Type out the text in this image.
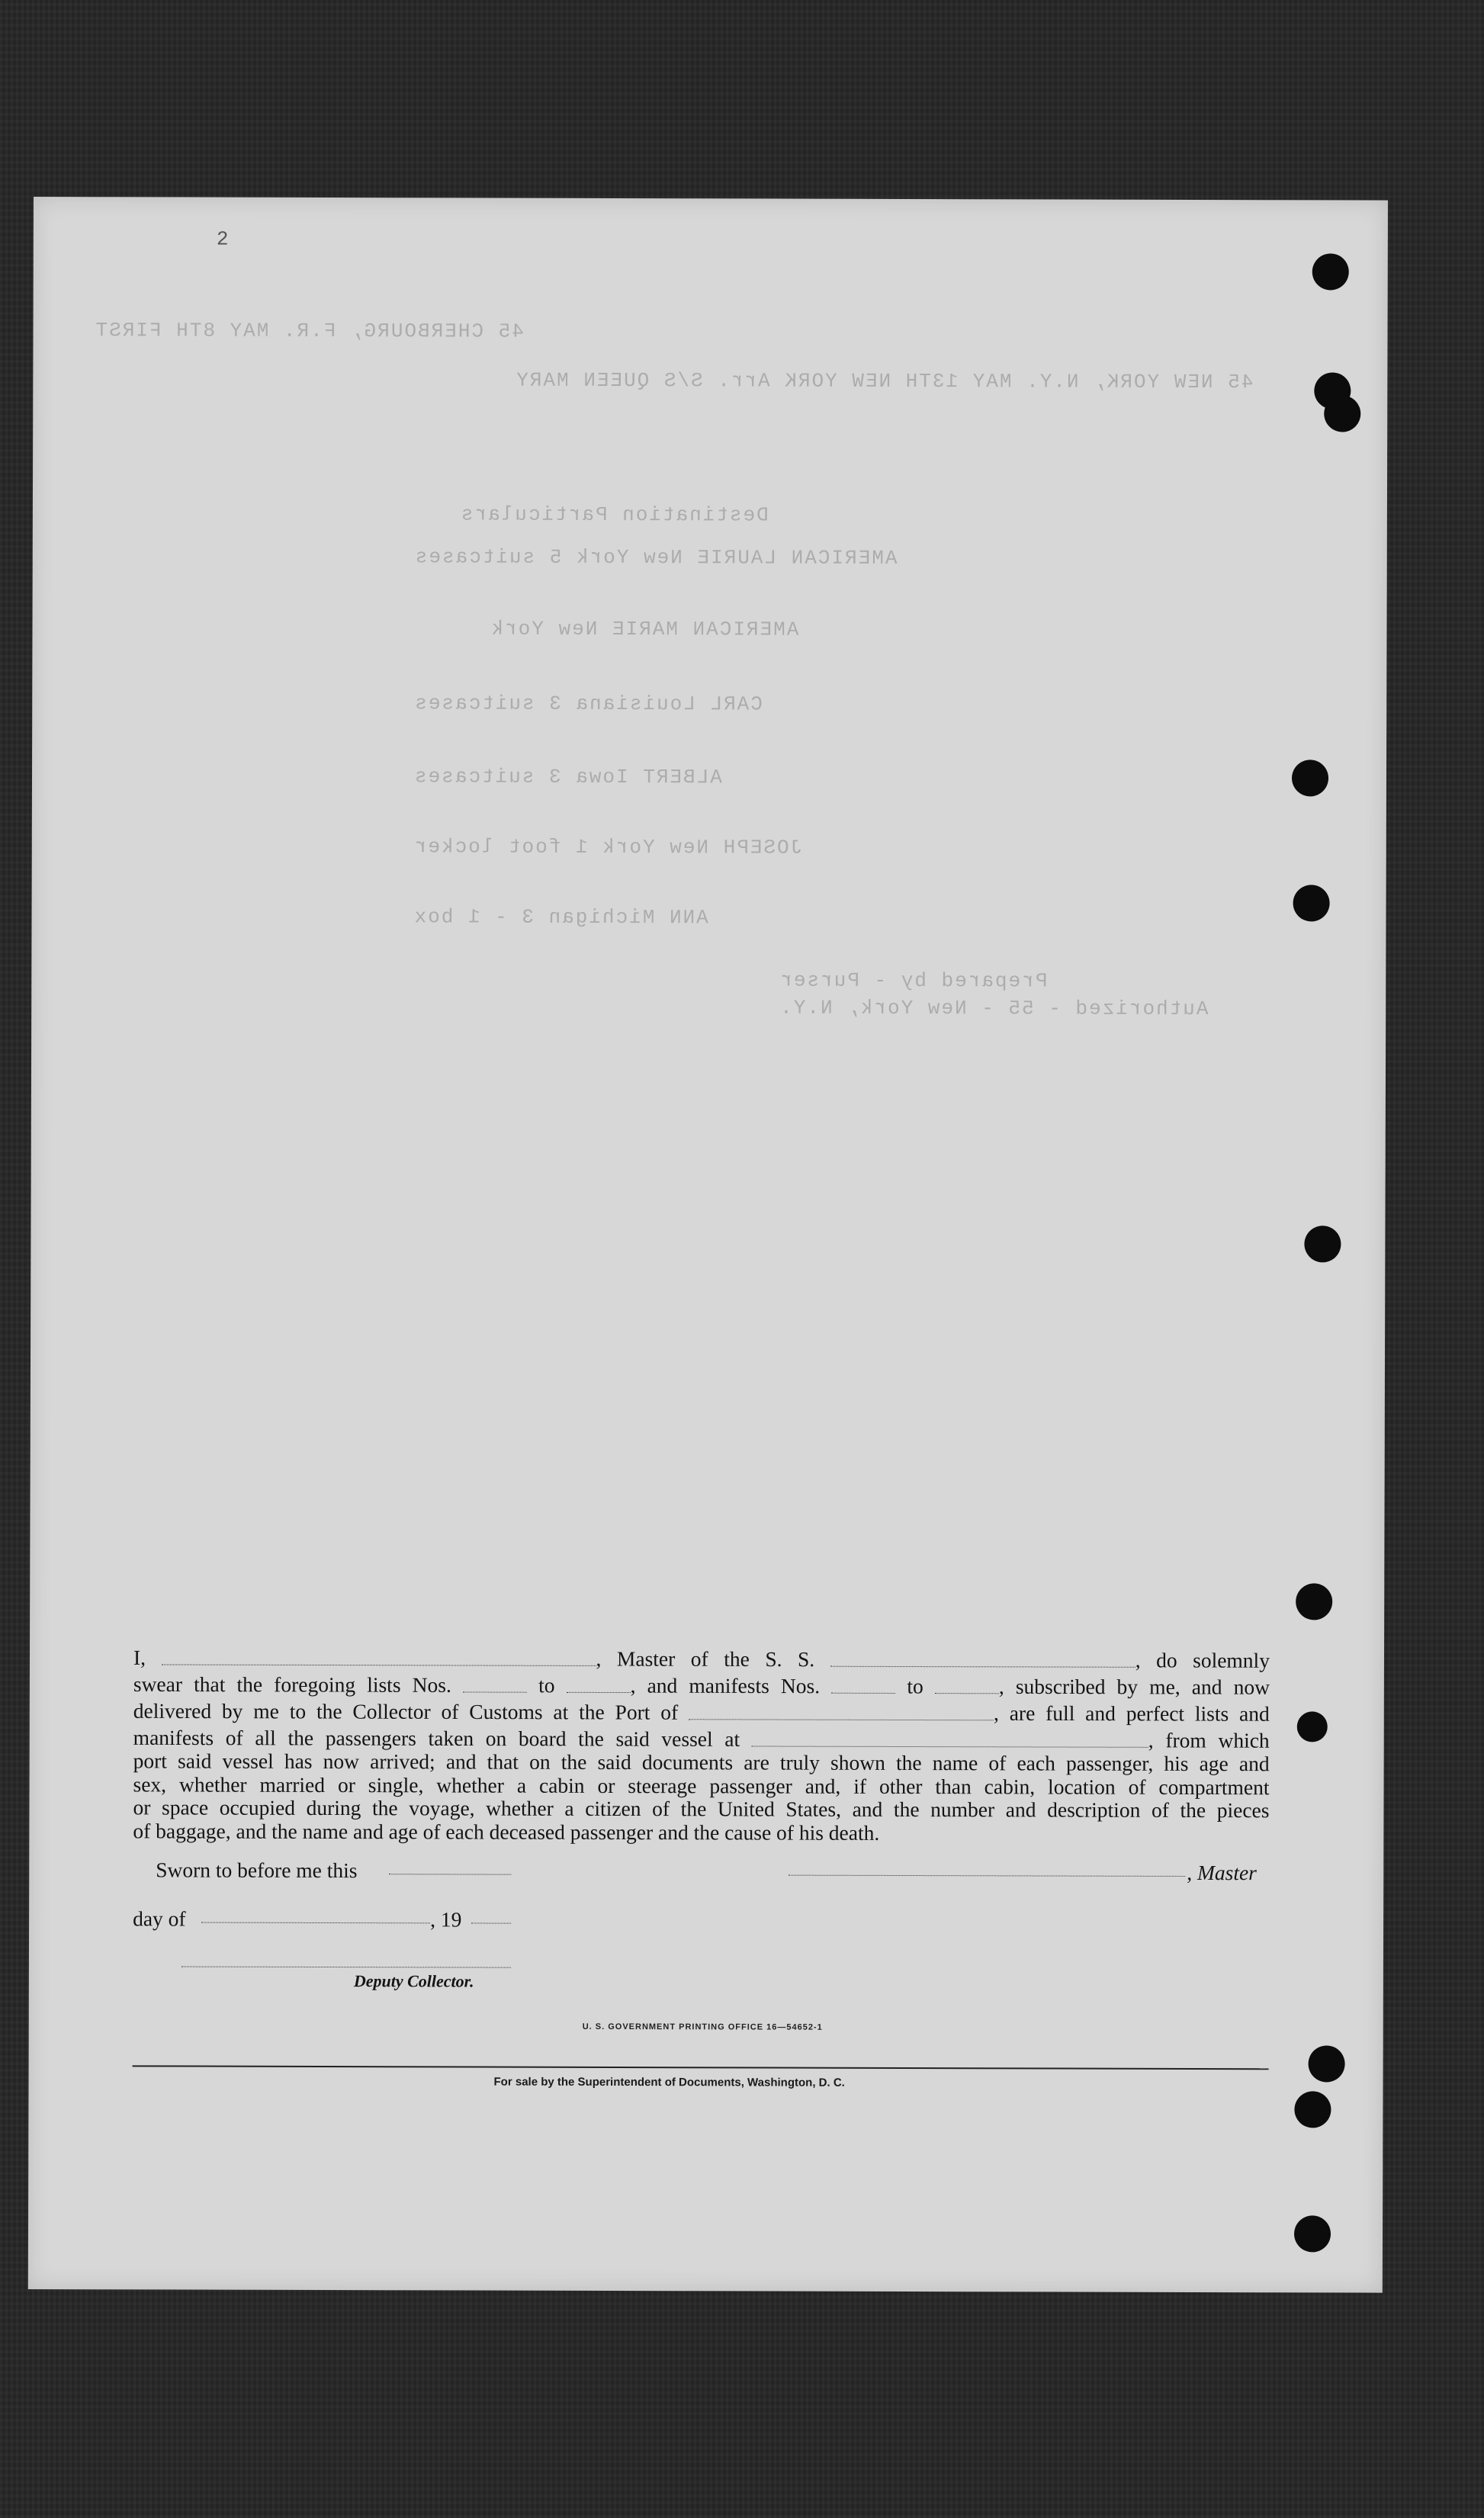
2
45 CHERBOURG, F.R. MAY 8TH FIRST
45 NEW YORK, N.Y. MAY 13TH NEW YORK Arr. S/S QUEEN MARY
Destination Particulars
AMERICAN LAURIE New York 5 suitcases
AMERICAN MARIE New York
CARL Louisiana 3 suitcases
ALBERT Iowa 3 suitcases
JOSEPH New York 1 foot locker
ANN Michigan 3 - 1 box
Prepared by - Purser
Authorized - 55 - New York, N.Y.
I,	, Master of the S. S.	, do solemnly
swear that the foregoing lists Nos.	to	, and manifests Nos.	to	, subscribed by me, and now
delivered by me to the Collector of Customs at the Port of	, are full and perfect lists and
manifests of all the passengers taken on board the said vessel at	, from which
port said vessel has now arrived; and that on the said documents are truly shown the name of each passenger, his age and
sex, whether married or single, whether a cabin or steerage passenger and, if other than cabin, location of compartment
or space occupied during the voyage, whether a citizen of the United States, and the number and description of the pieces
of baggage, and the name and age of each deceased passenger and the cause of his death.
Sworn to before me this	, Master
day of	, 19
Deputy Collector.
U. S. GOVERNMENT PRINTING OFFICE 16—54652-1
For sale by the Superintendent of Documents, Washington, D. C.
